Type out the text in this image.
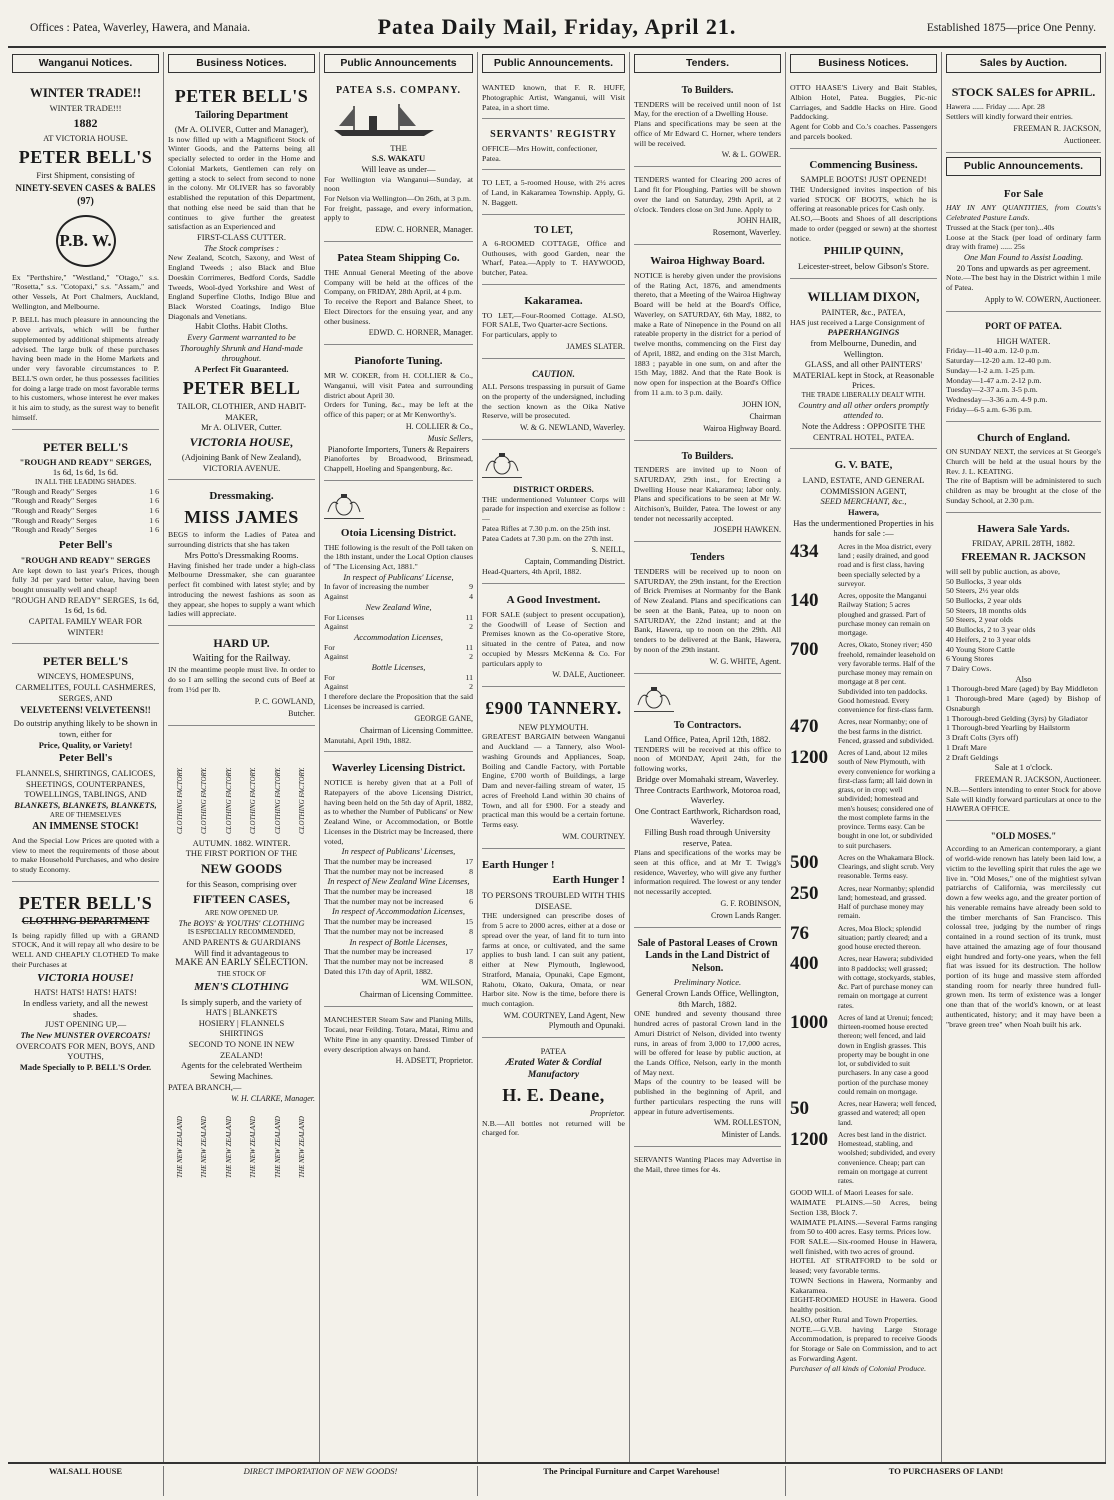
Offices : Patea, Waverley, Hawera, and Manaia.	Patea Daily Mail, Friday, April 21.	Established 1875—price One Penny.
Wanganui Notices.
WINTER TRADE!!
WINTER TRADE!!!
1882
AT VICTORIA HOUSE.
PETER BELL'S
First Shipment, consisting of
NINETY-SEVEN CASES & BALES
(97)
P.B. W.
Ex "Perthshire," "Westland," "Otago," s.s. "Rosetta," s.s. "Cotopaxi," s.s. "Assam," and other Vessels, At Port Chalmers, Auckland, Wellington, and Melbourne.
P. BELL has much pleasure in announcing the above arrivals, which will be further supplemented by additional shipments already advised. The large bulk of these purchases having been made in the Home Markets and under very favorable circumstances to P. BELL'S own order, he thus possesses facilities for doing a large trade on most favorable terms to his customers, whose interest he ever makes it his aim to study, as the surest way to benefit himself.
PETER BELL'S
"ROUGH AND READY" SERGES,
1s 6d, 1s 6d, 1s 6d.
IN ALL THE LEADING SHADES.
"Rough and Ready" Serges	1 6
"Rough and Ready" Serges	1 6
"Rough and Ready" Serges	1 6
"Rough and Ready" Serges	1 6
"Rough and Ready" Serges	1 6
Peter Bell's
"ROUGH AND READY" SERGES
Are kept down to last year's Prices, though fully 3d per yard better value, having been bought unusually well and cheap!
"ROUGH AND READY" SERGES, 1s 6d, 1s 6d, 1s 6d.
CAPITAL FAMILY WEAR FOR WINTER!
PETER BELL'S
WINCEYS, HOMESPUNS, CARMELITES, FOULL CASHMERES, SERGES, AND
VELVETEENS! VELVETEENS!!
Do outstrip anything likely to be shown in town, either for
Price, Quality, or Variety!
Peter Bell's
FLANNELS, SHIRTINGS, CALICOES, SHEETINGS, COUNTERPANES, TOWELLINGS, TABLINGS, AND
BLANKETS, BLANKETS, BLANKETS,
ARE OF THEMSELVES
AN IMMENSE STOCK!
And the Special Low Prices are quoted with a view to meet the requirements of those about to make Household Purchases, and who desire to study Economy.
PETER BELL'S
CLOTHING DEPARTMENT
Is being rapidly filled up with a GRAND STOCK, And it will repay all who desire to be WELL AND CHEAPLY CLOTHED To make their Purchases at
VICTORIA HOUSE!
HATS! HATS! HATS! HATS!
In endless variety, and all the newest shades.
JUST OPENING UP,—
The New MUNSTER OVERCOATS!
OVERCOATS FOR MEN, BOYS, AND YOUTHS,
Made Specially to P. BELL'S Order.
Business Notices.
PETER BELL'S
Tailoring Department
(Mr A. OLIVER, Cutter and Manager),
Is now filled up with a Magnificent Stock of Winter Goods, and the Patterns being all specially selected to order in the Home and Colonial Markets, Gentlemen can rely on getting a stock to select from second to none in the colony. Mr OLIVER has so favorably established the reputation of this Department, that nothing else need be said than that he continues to give further the greatest satisfaction as an Experienced and
FIRST-CLASS CUTTER.
The Stock comprises :
New Zealand, Scotch, Saxony, and West of England Tweeds ; also Black and Blue Doeskin Corrimeres, Bedford Cords, Saddle Tweeds, Wool-dyed Yorkshire and West of England Superfine Cloths, Indigo Blue and Black Worsted Coatings, Indigo Blue Diagonals and Venetians.
Habit Cloths. Habit Cloths.
Every Garment warranted to be Thoroughly Shrunk and Hand-made throughout.
A Perfect Fit Guaranteed.
PETER BELL
TAILOR, CLOTHIER, AND HABIT-MAKER,
Mr A. OLIVER, Cutter.
VICTORIA HOUSE,
(Adjoining Bank of New Zealand), VICTORIA AVENUE.
Dressmaking.
MISS JAMES
BEGS to inform the Ladies of Patea and surrounding districts that she has taken
Mrs Potto's Dressmaking Rooms.
Having finished her trade under a high-class Melbourne Dressmaker, she can guarantee perfect fit combined with latest style; and by introducing the newest fashions as soon as they appear, she hopes to supply a want which ladies will appreciate.
HARD UP.
Waiting for the Railway.
IN the meantime people must live. In order to do so I am selling the second cuts of Beef at from 1½d per lb.
P. C. GOWLAND,
Butcher.
CLOTHING FACTORY. CLOTHING FACTORY. CLOTHING FACTORY. CLOTHING FACTORY. CLOTHING FACTORY. CLOTHING FACTORY.
AUTUMN. 1882. WINTER.
THE FIRST PORTION OF THE
NEW GOODS
for this Season, comprising over
FIFTEEN CASES,
ARE NOW OPENED UP.
The BOYS' & YOUTHS' CLOTHING
IS ESPECIALLY RECOMMENDED,
AND PARENTS & GUARDIANS
Will find it advantageous to
MAKE AN EARLY SELECTION.
THE STOCK OF
MEN'S CLOTHING
Is simply superb, and the variety of
HATS | BLANKETS
HOSIERY | FLANNELS
SHIRTINGS
SECOND TO NONE IN NEW ZEALAND!
Agents for the celebrated Wertheim Sewing Machines.
PATEA BRANCH,—
W. H. CLARKE, Manager.
THE NEW ZEALAND THE NEW ZEALAND THE NEW ZEALAND THE NEW ZEALAND THE NEW ZEALAND THE NEW ZEALAND
Public Announcements
PATEA S.S. COMPANY.
THE
S.S. WAKATU
Will leave as under—
For Wellington via Wanganui—Sunday, at noon
For Nelson via Wellington—On 26th, at 3 p.m.
For freight, passage, and every information, apply to
EDW. C. HORNER, Manager.
Patea Steam Shipping Co.
THE Annual General Meeting of the above Company will be held at the offices of the Company, on FRIDAY, 28th April, at 4 p.m.
To receive the Report and Balance Sheet, to Elect Directors for the ensuing year, and any other business.
EDWD. C. HORNER, Manager.
Pianoforte Tuning.
MR W. COKER, from H. COLLIER & Co., Wanganui, will visit Patea and surrounding district about April 30.
Orders for Tuning, &c., may be left at the office of this paper; or at Mr Kenworthy's.
H. COLLIER & Co.,
Music Sellers,
Pianoforte Importers, Tuners & Repairers
Pianofortes by Broadwood, Brinsmead, Chappell, Hoeling and Spangenburg, &c.
Otoia Licensing District.
THE following is the result of the Poll taken on the 18th instant, under the Local Option clauses of "The Licensing Act, 1881."
In respect of Publicans' License,
In favor of increasing the number	9
Against	4
New Zealand Wine,
For Licenses	11
Against	2
Accommodation Licenses,
For	11
Against	2
Bottle Licenses,
For	11
Against	2
I therefore declare the Proposition that the said Licenses be increased is carried.
GEORGE GANE,
Chairman of Licensing Committee.
Manutahi, April 19th, 1882.
Waverley Licensing District.
NOTICE is hereby given that at a Poll of Ratepayers of the above Licensing District, having been held on the 5th day of April, 1882, as to whether the Number of Publicans' or New Zealand Wine, or Accommodation, or Bottle Licenses in the District may be Increased, there voted,
In respect of Publicans' Licenses,
That the number may be increased	17
That the number may not be increased	8
In respect of New Zealand Wine Licenses,
That the number may be increased	18
That the number may not be increased	6
In respect of Accommodation Licenses,
That the number may be increased	15
That the number may not be increased	8
In respect of Bottle Licenses,
That the number may be increased	17
That the number may not be increased	8
Dated this 17th day of April, 1882.
WM. WILSON,
Chairman of Licensing Committee.
MANCHESTER Steam Saw and Planing Mills, Tocaui, near Feilding. Totara, Matai, Rimu and White Pine in any quantity. Dressed Timber of every description always on hand.
H. ADSETT, Proprietor.
Public Announcements.
WANTED known, that F. R. HUFF, Photographic Artist, Wanganui, will Visit Patea, in a short time.
SERVANTS' REGISTRY
OFFICE—Mrs Howitt, confectioner,
Patea.
TO LET, a 5-roomed House, with 2½ acres of Land, in Kakaramea Township. Apply, G. N. Baggett.
TO LET,
A 6-ROOMED COTTAGE, Office and Outhouses, with good Garden, near the Wharf, Patea.—Apply to T. HAYWOOD, butcher, Patea.
Kakaramea.
TO LET,—Four-Roomed Cottage. ALSO, FOR SALE, Two Quarter-acre Sections.
For particulars, apply to
JAMES SLATER.
CAUTION.
ALL Persons trespassing in pursuit of Game on the property of the undersigned, including the section known as the Oika Native Reserve, will be prosecuted.
W. & G. NEWLAND, Waverley.
DISTRICT ORDERS.
THE undermentioned Volunteer Corps will parade for inspection and exercise as follow :—
Patea Rifles at 7.30 p.m. on the 25th inst.
Patea Cadets at 7.30 p.m. on the 27th inst.
S. NEILL,
Captain, Commanding District.
Head-Quarters, 4th April, 1882.
A Good Investment.
FOR SALE (subject to present occupation), the Goodwill of Lease of Section and Premises known as the Co-operative Store, situated in the centre of Patea, and now occupied by Messrs McKenna & Co. For particulars apply to
W. DALE, Auctioneer.
£900 TANNERY.
NEW PLYMOUTH.
GREATEST BARGAIN between Wanganui and Auckland — a Tannery, also Wool-washing Grounds and Appliances, Soap, Boiling and Candle Factory, with Portable Engine, £700 worth of Buildings, a large Dam and never-failing stream of water, 15 acres of Freehold Land within 30 chains of Town, and all for £900. For a steady and practical man this would be a certain fortune. Terms easy.
WM. COURTNEY.
Earth Hunger !
Earth Hunger !
TO PERSONS TROUBLED WITH THIS DISEASE.
THE undersigned can prescribe doses of from 5 acre to 2000 acres, either at a dose or spread over the year, of land fit to turn into farms at once, or cultivated, and the same applies to bush land. I can suit any patient, either at New Plymouth, Inglewood, Stratford, Manaia, Opunaki, Cape Egmont, Rahotu, Okato, Oakura, Omata, or near Harbor site. Now is the time, before there is much contagion.
WM. COURTNEY, Land Agent, New Plymouth and Opunaki.
PATEA
Ærated Water & Cordial Manufactory
H. E. Deane,
Proprietor.
N.B.—All bottles not returned will be charged for.
Tenders.
To Builders.
TENDERS will be received until noon of 1st May, for the erection of a Dwelling House.
Plans and specifications may be seen at the office of Mr Edward C. Horner, where tenders will be received.
W. & L. GOWER.
TENDERS wanted for Clearing 200 acres of Land fit for Ploughing. Parties will be shown over the land on Saturday, 29th April, at 2 o'clock. Tenders close on 3rd June. Apply to
JOHN HAIR,
Rosemont, Waverley.
Wairoa Highway Board.
NOTICE is hereby given under the provisions of the Rating Act, 1876, and amendments thereto, that a Meeting of the Wairoa Highway Board will be held at the Board's Office, Waverley, on SATURDAY, 6th May, 1882, to make a Rate of Ninepence in the Pound on all rateable property in the district for a period of twelve months, commencing on the First day of April, 1882, and ending on the 31st March, 1883 ; payable in one sum, on and after the 15th May, 1882. And that the Rate Book is now open for inspection at the Board's Office from 11 a.m. to 3 p.m. daily.
JOHN ION,
Chairman
Wairoa Highway Board.
To Builders.
TENDERS are invited up to Noon of SATURDAY, 29th inst., for Erecting a Dwelling House near Kakaramea; labor only. Plans and specifications to be seen at Mr W. Aitchison's, Builder, Patea. The lowest or any tender not necessarily accepted.
JOSEPH HAWKEN.
Tenders
TENDERS will be received up to noon on SATURDAY, the 29th instant, for the Erection of Brick Premises at Normanby for the Bank of New Zealand. Plans and specifications can be seen at the Bank, Patea, up to noon on SATURDAY, the 22nd instant; and at the Bank, Hawera, up to noon on the 29th. All tenders to be delivered at the Bank, Hawera, by noon of the 29th instant.
W. G. WHITE, Agent.
To Contractors.
Land Office, Patea, April 12th, 1882.
TENDERS will be received at this office to noon of MONDAY, April 24th, for the following works,
Bridge over Momahaki stream, Waverley.
Three Contracts Earthwork, Motoroa road, Waverley.
One Contract Earthwork, Richardson road, Waverley.
Filling Bush road through University reserve, Patea.
Plans and specifications of the works may be seen at this office, and at Mr T. Twigg's residence, Waverley, who will give any further information required. The lowest or any tender not necessarily accepted.
G. F. ROBINSON,
Crown Lands Ranger.
Sale of Pastoral Leases of Crown Lands in the Land District of Nelson.
Preliminary Notice.
General Crown Lands Office, Wellington, 8th March, 1882.
ONE hundred and seventy thousand three hundred acres of pastoral Crown land in the Amuri District of Nelson, divided into twenty runs, in areas of from 3,000 to 17,000 acres, will be offered for lease by public auction, at the Lands Office, Nelson, early in the month of May next.
Maps of the country to be leased will be published in the beginning of April, and further particulars respecting the runs will appear in future advertisements.
WM. ROLLESTON,
Minister of Lands.
SERVANTS Wanting Places may Advertise in the Mail, three times for 4s.
Business Notices.
OTTO HAASE'S Livery and Bait Stables, Albion Hotel, Patea. Buggies, Pic-nic Carriages, and Saddle Hacks on Hire. Good Paddocking.
Agent for Cobb and Co.'s coaches. Passengers and parcels booked.
Commencing Business.
SAMPLE BOOTS! JUST OPENED!
THE Undersigned invites inspection of his varied STOCK OF BOOTS, which he is offering at reasonable prices for Cash only.
ALSO,—Boots and Shoes of all descriptions made to order (pegged or sewn) at the shortest notice.
PHILIP QUINN,
Leicester-street, below Gibson's Store.
WILLIAM DIXON,
PAINTER, &c., PATEA,
HAS just received a Large Consignment of
PAPERHANGINGS
from Melbourne, Dunedin, and Wellington.
GLASS, and all other PAINTERS' MATERIAL kept in Stock, at Reasonable Prices.
THE TRADE LIBERALLY DEALT WITH.
Country and all other orders promptly attended to.
Note the Address : OPPOSITE THE CENTRAL HOTEL, PATEA.
G. V. BATE,
LAND, ESTATE, AND GENERAL COMMISSION AGENT,
SEED MERCHANT, &c.,
Hawera,
Has the undermentioned Properties in his hands for sale :—
434	Acres in the Moa district, every land ; easily drained, and good road and is first class, having been specially selected by a surveyor.
140	Acres, opposite the Manganui Railway Station; 5 acres ploughed and grassed. Part of purchase money can remain on mortgage.
700	Acres, Okato, Stoney river; 450 freehold, remainder leasehold on very favorable terms. Half of the purchase money may remain on mortgage at 8 per cent. Subdivided into ten paddocks. Good homestead. Every convenience for first-class farm.
470	Acres, near Normanby; one of the best farms in the district. Fenced, grassed and subdivided.
1200	Acres of Land, about 12 miles south of New Plymouth, with every convenience for working a first-class farm; all laid down in grass, or in crop; well subdivided; homestead and men's houses; considered one of the most complete farms in the province. Terms easy. Can be bought in one lot, or subdivided to suit purchasers.
500	Acres on the Whakamara Block. Clearings, and slight scrub. Very reasonable. Terms easy.
250	Acres, near Normanby; splendid land; homestead, and grassed. Half of purchase money may remain.
76	Acres, Moa Block; splendid situation; partly cleared; and a good house erected thereon.
400	Acres, near Hawera; subdivided into 8 paddocks; well grassed; with cottage, stockyards, stables, &c. Part of purchase money can remain on mortgage at current rates.
1000	Acres of land at Urenui; fenced; thirteen-roomed house erected thereon; well fenced, and laid down in English grasses. This property may be bought in one lot, or subdivided to suit purchasers. In any case a good portion of the purchase money could remain on mortgage.
50	Acres, near Hawera; well fenced, grassed and watered; all open land.
1200	Acres best land in the district. Homestead, stabling, and woolshed; subdivided, and every convenience. Cheap; part can remain on mortgage at current rates.
GOOD WILL of Maori Leases for sale.
WAIMATE PLAINS.—50 Acres, being Section 138, Block 7.
WAIMATE PLAINS.—Several Farms ranging from 50 to 400 acres. Easy terms. Prices low.
FOR SALE.—Six-roomed House in Hawera, well finished, with two acres of ground.
HOTEL AT STRATFORD to be sold or leased; very favorable terms.
TOWN Sections in Hawera, Normanby and Kakaramea.
EIGHT-ROOMED HOUSE in Hawera. Good healthy position.
ALSO, other Rural and Town Properties.
NOTE.—G.V.B. having Large Storage Accommodation, is prepared to receive Goods for Storage or Sale on Commission, and to act as Forwarding Agent.
Purchaser of all kinds of Colonial Produce.
Sales by Auction.
STOCK SALES for APRIL.
Hawera ...... Friday ...... Apr. 28
Settlers will kindly forward their entries.
FREEMAN R. JACKSON,
Auctioneer.
Public Announcements.
For Sale
HAY IN ANY QUANTITIES, from Coutts's Celebrated Pasture Lands.
Trussed at the Stack (per ton)...40s
Loose at the Stack (per load of ordinary farm dray with frame) ...... 25s
One Man Found to Assist Loading.
20 Tons and upwards as per agreement.
Note.—The best hay in the District within 1 mile of Patea.
Apply to W. COWERN, Auctioneer.
PORT OF PATEA.
HIGH WATER.
Friday—11-40 a.m. 12-0 p.m.
Saturday—12-20 a.m. 12-40 p.m.
Sunday—1-2 a.m. 1-25 p.m.
Monday—1-47 a.m. 2-12 p.m.
Tuesday—2-37 a.m. 3-5 p.m.
Wednesday—3-36 a.m. 4-9 p.m.
Friday—6-5 a.m. 6-36 p.m.
Church of England.
ON SUNDAY NEXT, the services at St George's Church will be held at the usual hours by the Rev. J. L. KEATING.
The rite of Baptism will be administered to such children as may be brought at the close of the Sunday School, at 2.30 p.m.
Hawera Sale Yards.
FRIDAY, APRIL 28TH, 1882.
FREEMAN R. JACKSON
will sell by public auction, as above,
50 Bullocks, 3 year olds
50 Steers, 2½ year olds
50 Bullocks, 2 year olds
50 Steers, 18 months olds
50 Steers, 2 year olds
40 Bullocks, 2 to 3 year olds
40 Heifers, 2 to 3 year olds
40 Young Store Cattle
6 Young Stores
7 Dairy Cows.
Also
1 Thorough-bred Mare (aged) by Bay Middleton
1 Thorough-bred Mare (aged) by Bishop of Osnaburgh
1 Thorough-bred Gelding (3yrs) by Gladiator
1 Thorough-bred Yearling by Hailstorm
3 Draft Colts (3yrs off)
1 Draft Mare
2 Draft Geldings
Sale at 1 o'clock.
FREEMAN R. JACKSON, Auctioneer.
N.B.—Settlers intending to enter Stock for above Sale will kindly forward particulars at once to the HAWERA OFFICE.
"OLD MOSES."
According to an American contemporary, a giant of world-wide renown has lately been laid low, a victim to the levelling spirit that rules the age we live in. "Old Moses," one of the mightiest sylvan patriarchs of California, was mercilessly cut down a few weeks ago, and the greater portion of his venerable remains have already been sold to the timber merchants of San Francisco. This colossal tree, judging by the number of rings contained in a round section of its trunk, must have attained the amazing age of four thousand eight hundred and forty-one years, when the fell fiat was issued for its destruction. The hollow portion of its huge and massive stem afforded standing room for nearly three hundred full-grown men. Its term of existence was a longer one than that of the world's known, or at least authenticated, history; and it may have been a "brave green tree" when Noah built his ark.
WALSALL HOUSE	DIRECT IMPORTATION OF NEW GOODS!	The Principal Furniture and Carpet Warehouse!	TO PURCHASERS OF LAND!
